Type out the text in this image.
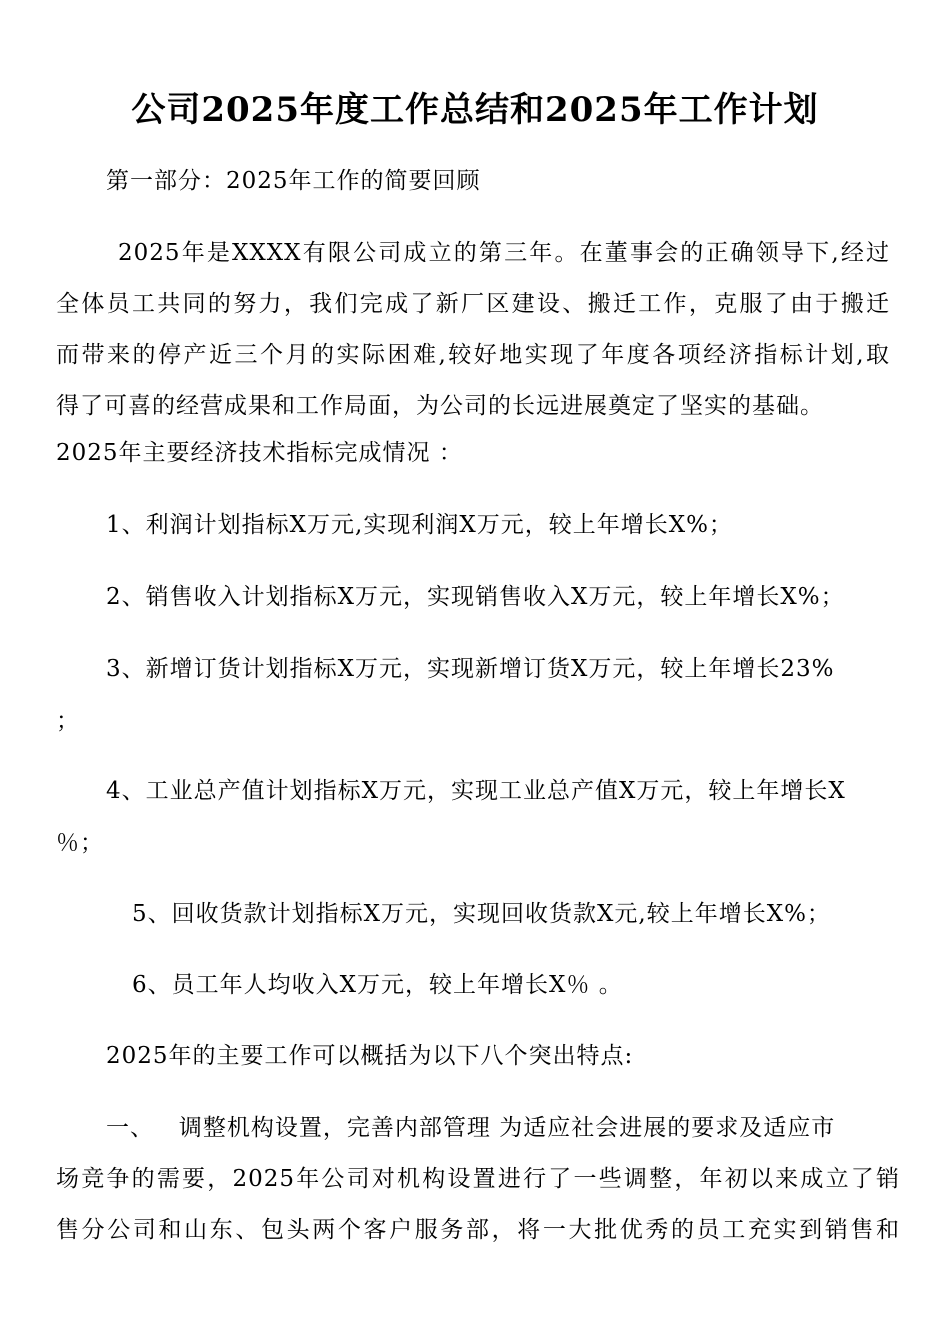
公司2025年度工作总结和2025年工作计划
第一部分：2025年工作的简要回顾
2025年是XXXX有限公司成立的第三年。在董事会的正确领导下,经过
全体员工共同的努力，我们完成了新厂区建设、搬迁工作，克服了由于搬迁
而带来的停产近三个月的实际困难,较好地实现了年度各项经济指标计划,取
得了可喜的经营成果和工作局面，为公司的长远进展奠定了坚实的基础。
2025年主要经济技术指标完成情况 ：
1、利润计划指标X万元,实现利润X万元，较上年增长X%；
2、销售收入计划指标X万元，实现销售收入X万元，较上年增长X%；
3、新增订货计划指标X万元，实现新增订货X万元，较上年增长23%
；
4、工业总产值计划指标X万元，实现工业总产值X万元，较上年增长X
％；
5、回收货款计划指标X万元，实现回收货款X元,较上年增长X%；
6、员工年人均收入X万元，较上年增长X％ 。
2025年的主要工作可以概括为以下八个突出特点:
一、   调整机构设置，完善内部管理 为适应社会进展的要求及适应市
场竞争的需要，2025年公司对机构设置进行了一些调整，年初以来成立了销
售分公司和山东、包头两个客户服务部，将一大批优秀的员工充实到销售和
